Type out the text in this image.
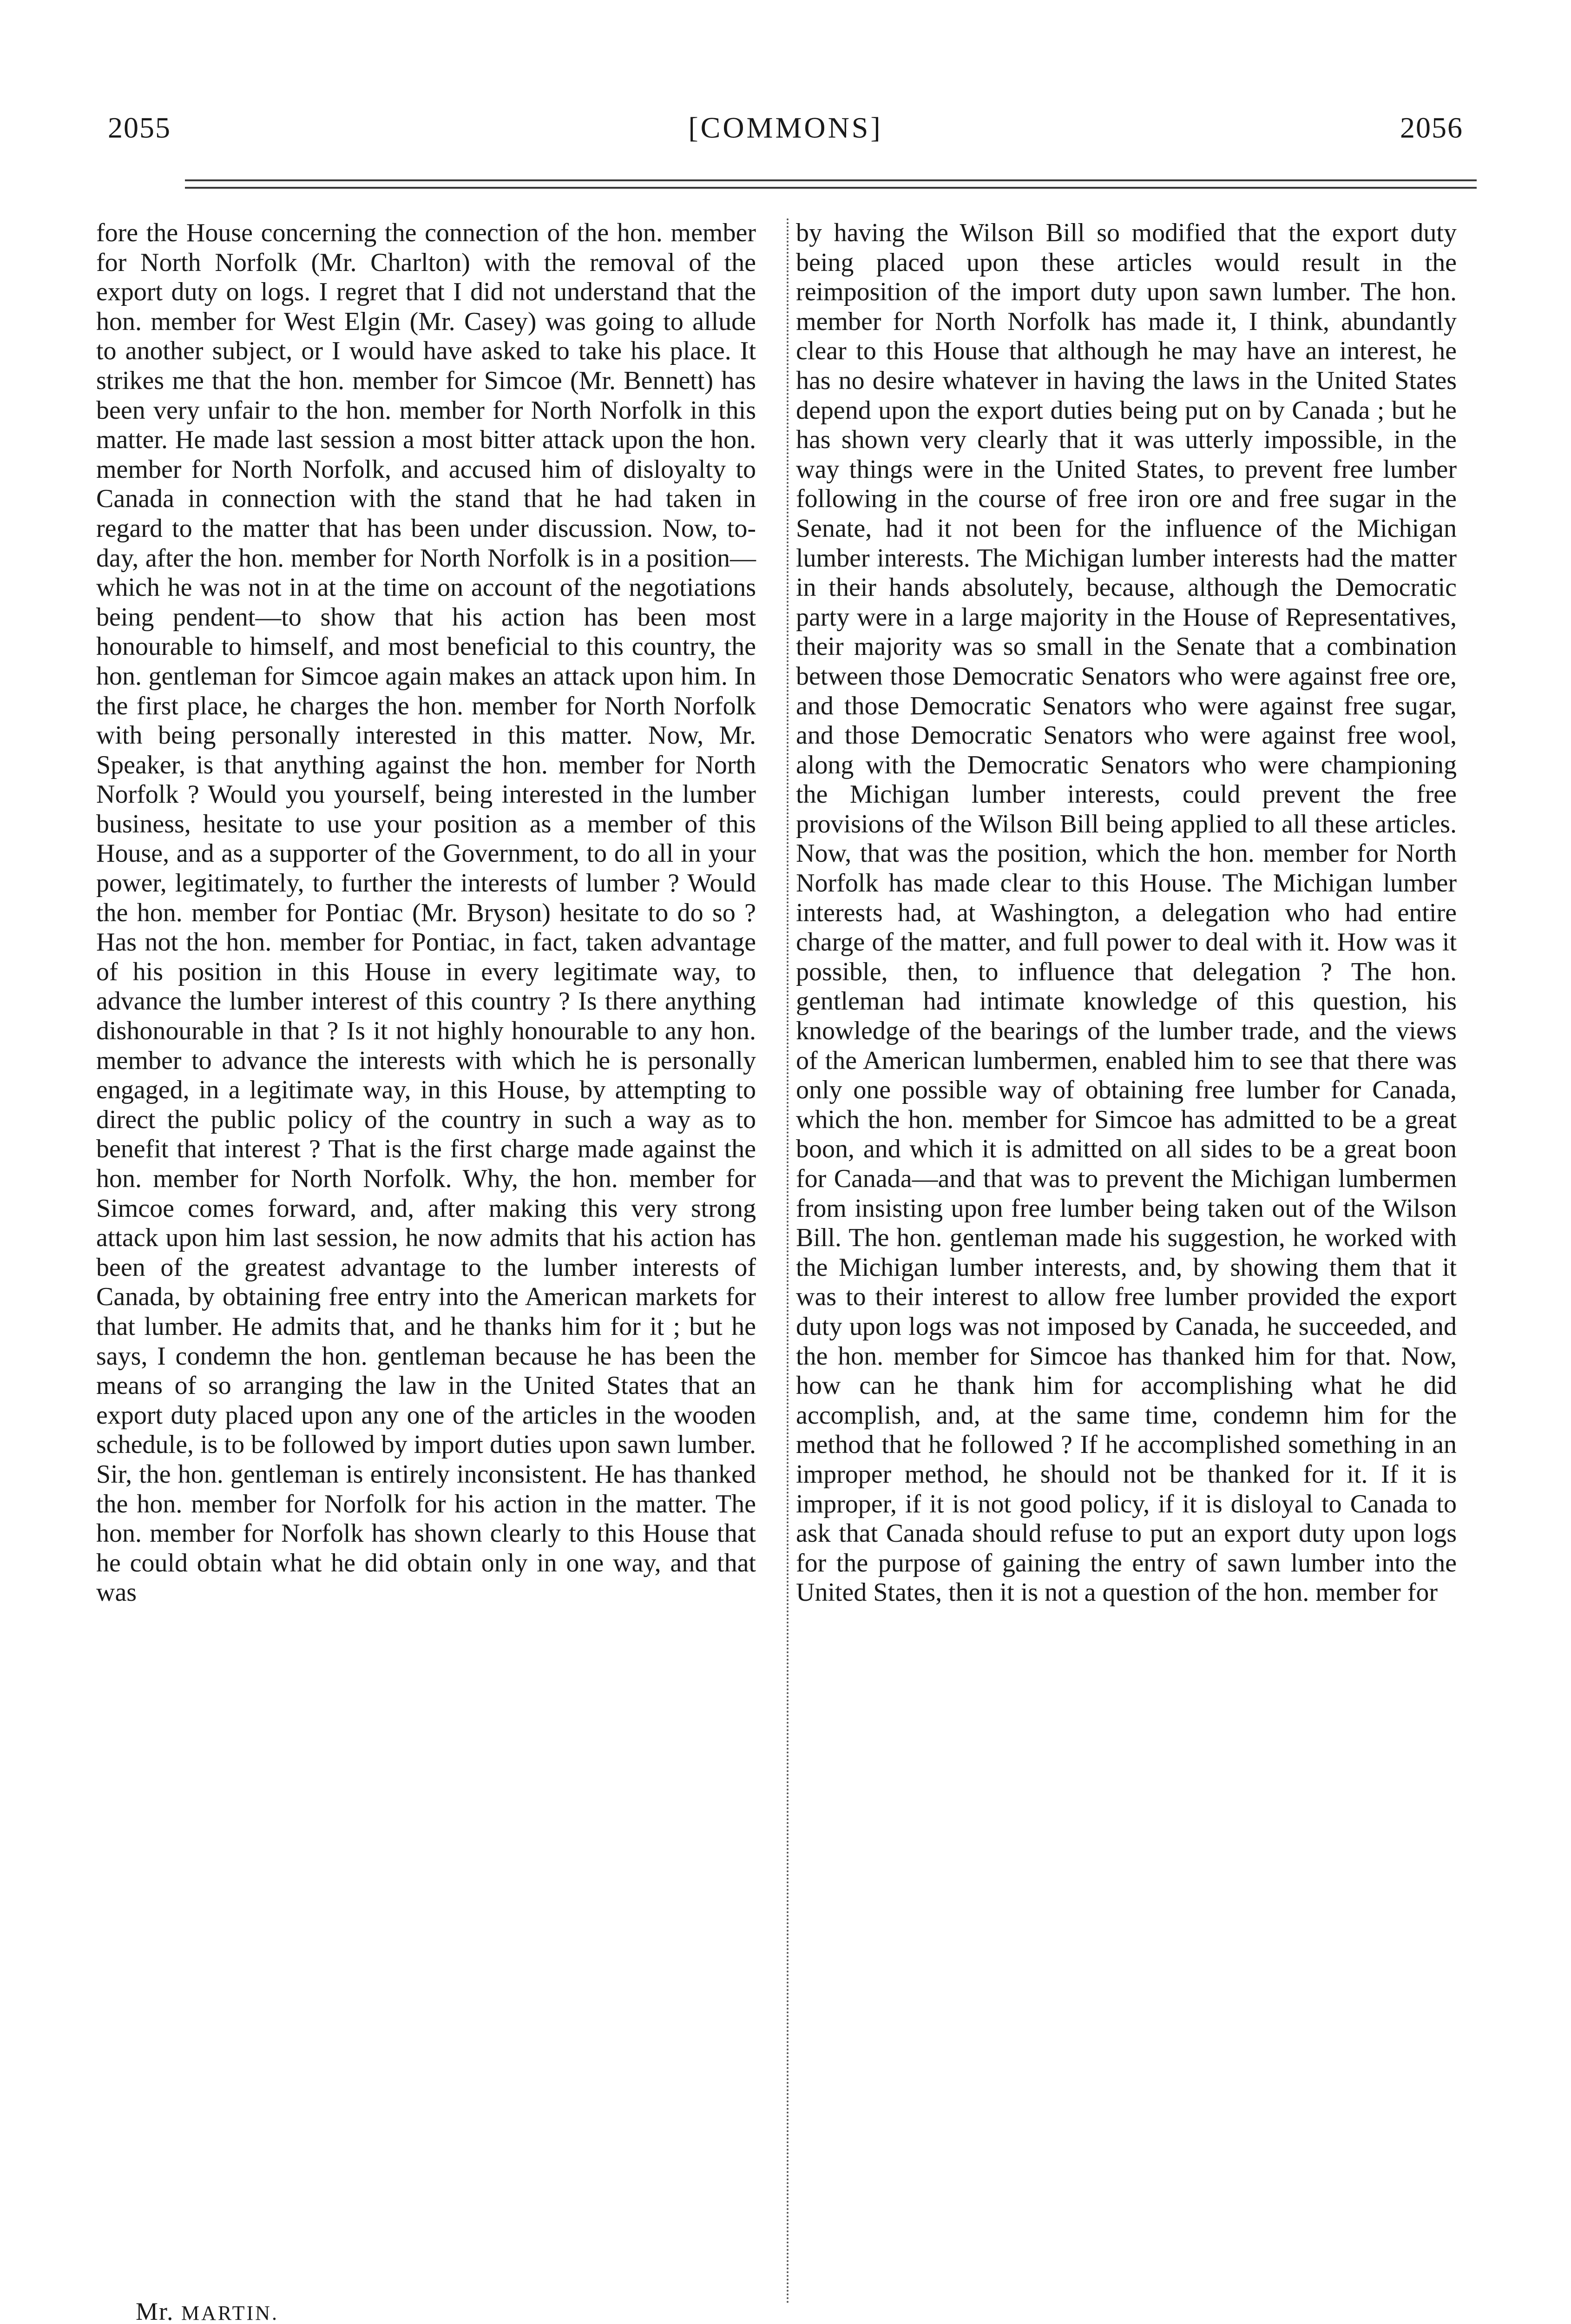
2055	[COMMONS]	2056

fore the House concerning the connection of the hon. member for North Norfolk (Mr. Charlton) with the removal of the export duty on logs. I regret that I did not understand that the hon. member for West Elgin (Mr. Casey) was going to allude to another subject, or I would have asked to take his place. It strikes me that the hon. member for Simcoe (Mr. Bennett) has been very unfair to the hon. member for North Norfolk in this matter. He made last session a most bitter attack upon the hon. member for North Norfolk, and accused him of disloyalty to Canada in connection with the stand that he had taken in regard to the matter that has been under discussion. Now, to-day, after the hon. member for North Norfolk is in a position—which he was not in at the time on account of the negotiations being pendent—to show that his action has been most honourable to himself, and most beneficial to this country, the hon. gentleman for Simcoe again makes an attack upon him. In the first place, he charges the hon. member for North Norfolk with being personally interested in this matter. Now, Mr. Speaker, is that anything against the hon. member for North Norfolk ? Would you yourself, being interested in the lumber business, hesitate to use your position as a member of this House, and as a supporter of the Government, to do all in your power, legitimately, to further the interests of lumber ? Would the hon. member for Pontiac (Mr. Bryson) hesitate to do so ? Has not the hon. member for Pontiac, in fact, taken advantage of his position in this House in every legitimate way, to advance the lumber interest of this country ? Is there anything dishonourable in that ? Is it not highly honourable to any hon. member to advance the interests with which he is personally engaged, in a legitimate way, in this House, by attempting to direct the public policy of the country in such a way as to benefit that interest ? That is the first charge made against the hon. member for North Norfolk. Why, the hon. member for Simcoe comes forward, and, after making this very strong attack upon him last session, he now admits that his action has been of the greatest advantage to the lumber interests of Canada, by obtaining free entry into the American markets for that lumber. He admits that, and he thanks him for it ; but he says, I condemn the hon. gentleman because he has been the means of so arranging the law in the United States that an export duty placed upon any one of the articles in the wooden schedule, is to be followed by import duties upon sawn lumber. Sir, the hon. gentleman is entirely inconsistent. He has thanked the hon. member for Norfolk for his action in the matter. The hon. member for Norfolk has shown clearly to this House that he could obtain what he did obtain only in one way, and that was

by having the Wilson Bill so modified that the export duty being placed upon these articles would result in the reimposition of the import duty upon sawn lumber. The hon. member for North Norfolk has made it, I think, abundantly clear to this House that although he may have an interest, he has no desire whatever in having the laws in the United States depend upon the export duties being put on by Canada ; but he has shown very clearly that it was utterly impossible, in the way things were in the United States, to prevent free lumber following in the course of free iron ore and free sugar in the Senate, had it not been for the influence of the Michigan lumber interests. The Michigan lumber interests had the matter in their hands absolutely, because, although the Democratic party were in a large majority in the House of Representatives, their majority was so small in the Senate that a combination between those Democratic Senators who were against free ore, and those Democratic Senators who were against free sugar, and those Democratic Senators who were against free wool, along with the Democratic Senators who were championing the Michigan lumber interests, could prevent the free provisions of the Wilson Bill being applied to all these articles. Now, that was the position, which the hon. member for North Norfolk has made clear to this House. The Michigan lumber interests had, at Washington, a delegation who had entire charge of the matter, and full power to deal with it. How was it possible, then, to influence that delegation ? The hon. gentleman had intimate knowledge of this question, his knowledge of the bearings of the lumber trade, and the views of the American lumbermen, enabled him to see that there was only one possible way of obtaining free lumber for Canada, which the hon. member for Simcoe has admitted to be a great boon, and which it is admitted on all sides to be a great boon for Canada—and that was to prevent the Michigan lumbermen from insisting upon free lumber being taken out of the Wilson Bill. The hon. gentleman made his suggestion, he worked with the Michigan lumber interests, and, by showing them that it was to their interest to allow free lumber provided the export duty upon logs was not imposed by Canada, he succeeded, and the hon. member for Simcoe has thanked him for that. Now, how can he thank him for accomplishing what he did accomplish, and, at the same time, condemn him for the method that he followed ? If he accomplished something in an improper method, he should not be thanked for it. If it is improper, if it is not good policy, if it is disloyal to Canada to ask that Canada should refuse to put an export duty upon logs for the purpose of gaining the entry of sawn lumber into the United States, then it is not a question of the hon. member for

Mr. MARTIN.
